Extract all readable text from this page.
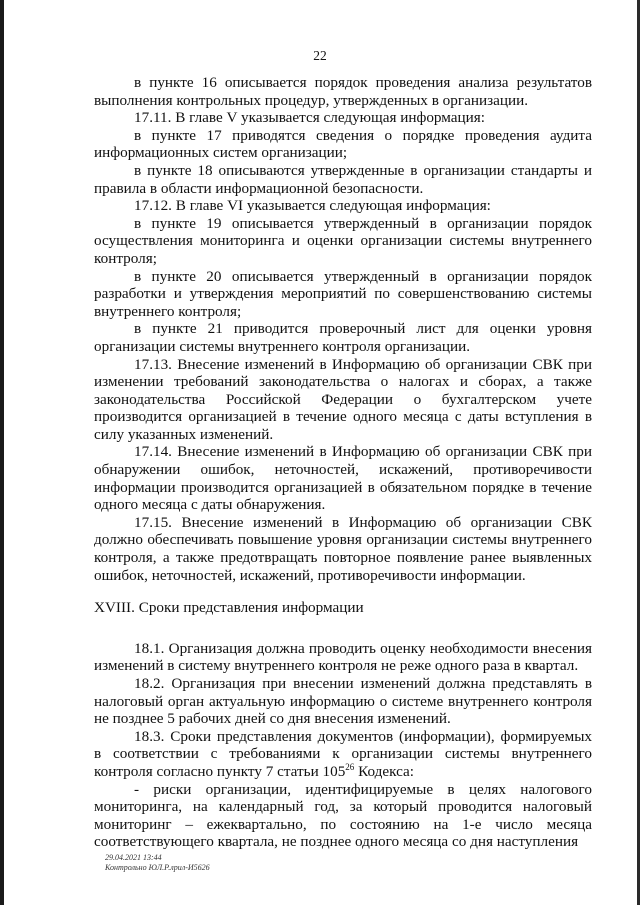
22

в пункте 16 описывается порядок проведения анализа результатов выполнения контрольных процедур, утвержденных в организации.

17.11. В главе V указывается следующая информация:

в пункте 17 приводятся сведения о порядке проведения аудита информационных систем организации;

в пункте 18 описываются утвержденные в организации стандарты и правила в области информационной безопасности.

17.12. В главе VI указывается следующая информация:

в пункте 19 описывается утвержденный в организации порядок осуществления мониторинга и оценки организации системы внутреннего контроля;

в пункте 20 описывается утвержденный в организации порядок разработки и утверждения мероприятий по совершенствованию системы внутреннего контроля;

в пункте 21 приводится проверочный лист для оценки уровня организации системы внутреннего контроля организации.

17.13. Внесение изменений в Информацию об организации СВК при изменении требований законодательства о налогах и сборах, а также законодательства Российской Федерации о бухгалтерском учете производится организацией в течение одного месяца с даты вступления в силу указанных изменений.

17.14. Внесение изменений в Информацию об организации СВК при обнаружении ошибок, неточностей, искажений, противоречивости информации производится организацией в обязательном порядке в течение одного месяца с даты обнаружения.

17.15. Внесение изменений в Информацию об организации СВК должно обеспечивать повышение уровня организации системы внутреннего контроля, а также предотвращать повторное появление ранее выявленных ошибок, неточностей, искажений, противоречивости информации.

XVIII. Сроки представления информации

18.1. Организация должна проводить оценку необходимости внесения изменений в систему внутреннего контроля не реже одного раза в квартал.

18.2. Организация при внесении изменений должна представлять в налоговый орган актуальную информацию о системе внутреннего контроля не позднее 5 рабочих дней со дня внесения изменений.

18.3. Сроки представления документов (информации), формируемых в соответствии с требованиями к организации системы внутреннего контроля согласно пункту 7 статьи $105^{26}$ Кодекса:

- риски организации, идентифицируемые в целях налогового мониторинга, на календарный год, за который проводится налоговый мониторинг – ежеквартально, по состоянию на 1-е число месяца соответствующего квартала, не позднее одного месяца со дня наступления

29.04.2021 13:44
Контрольно ЮЛ.Р.лрил-И5626
